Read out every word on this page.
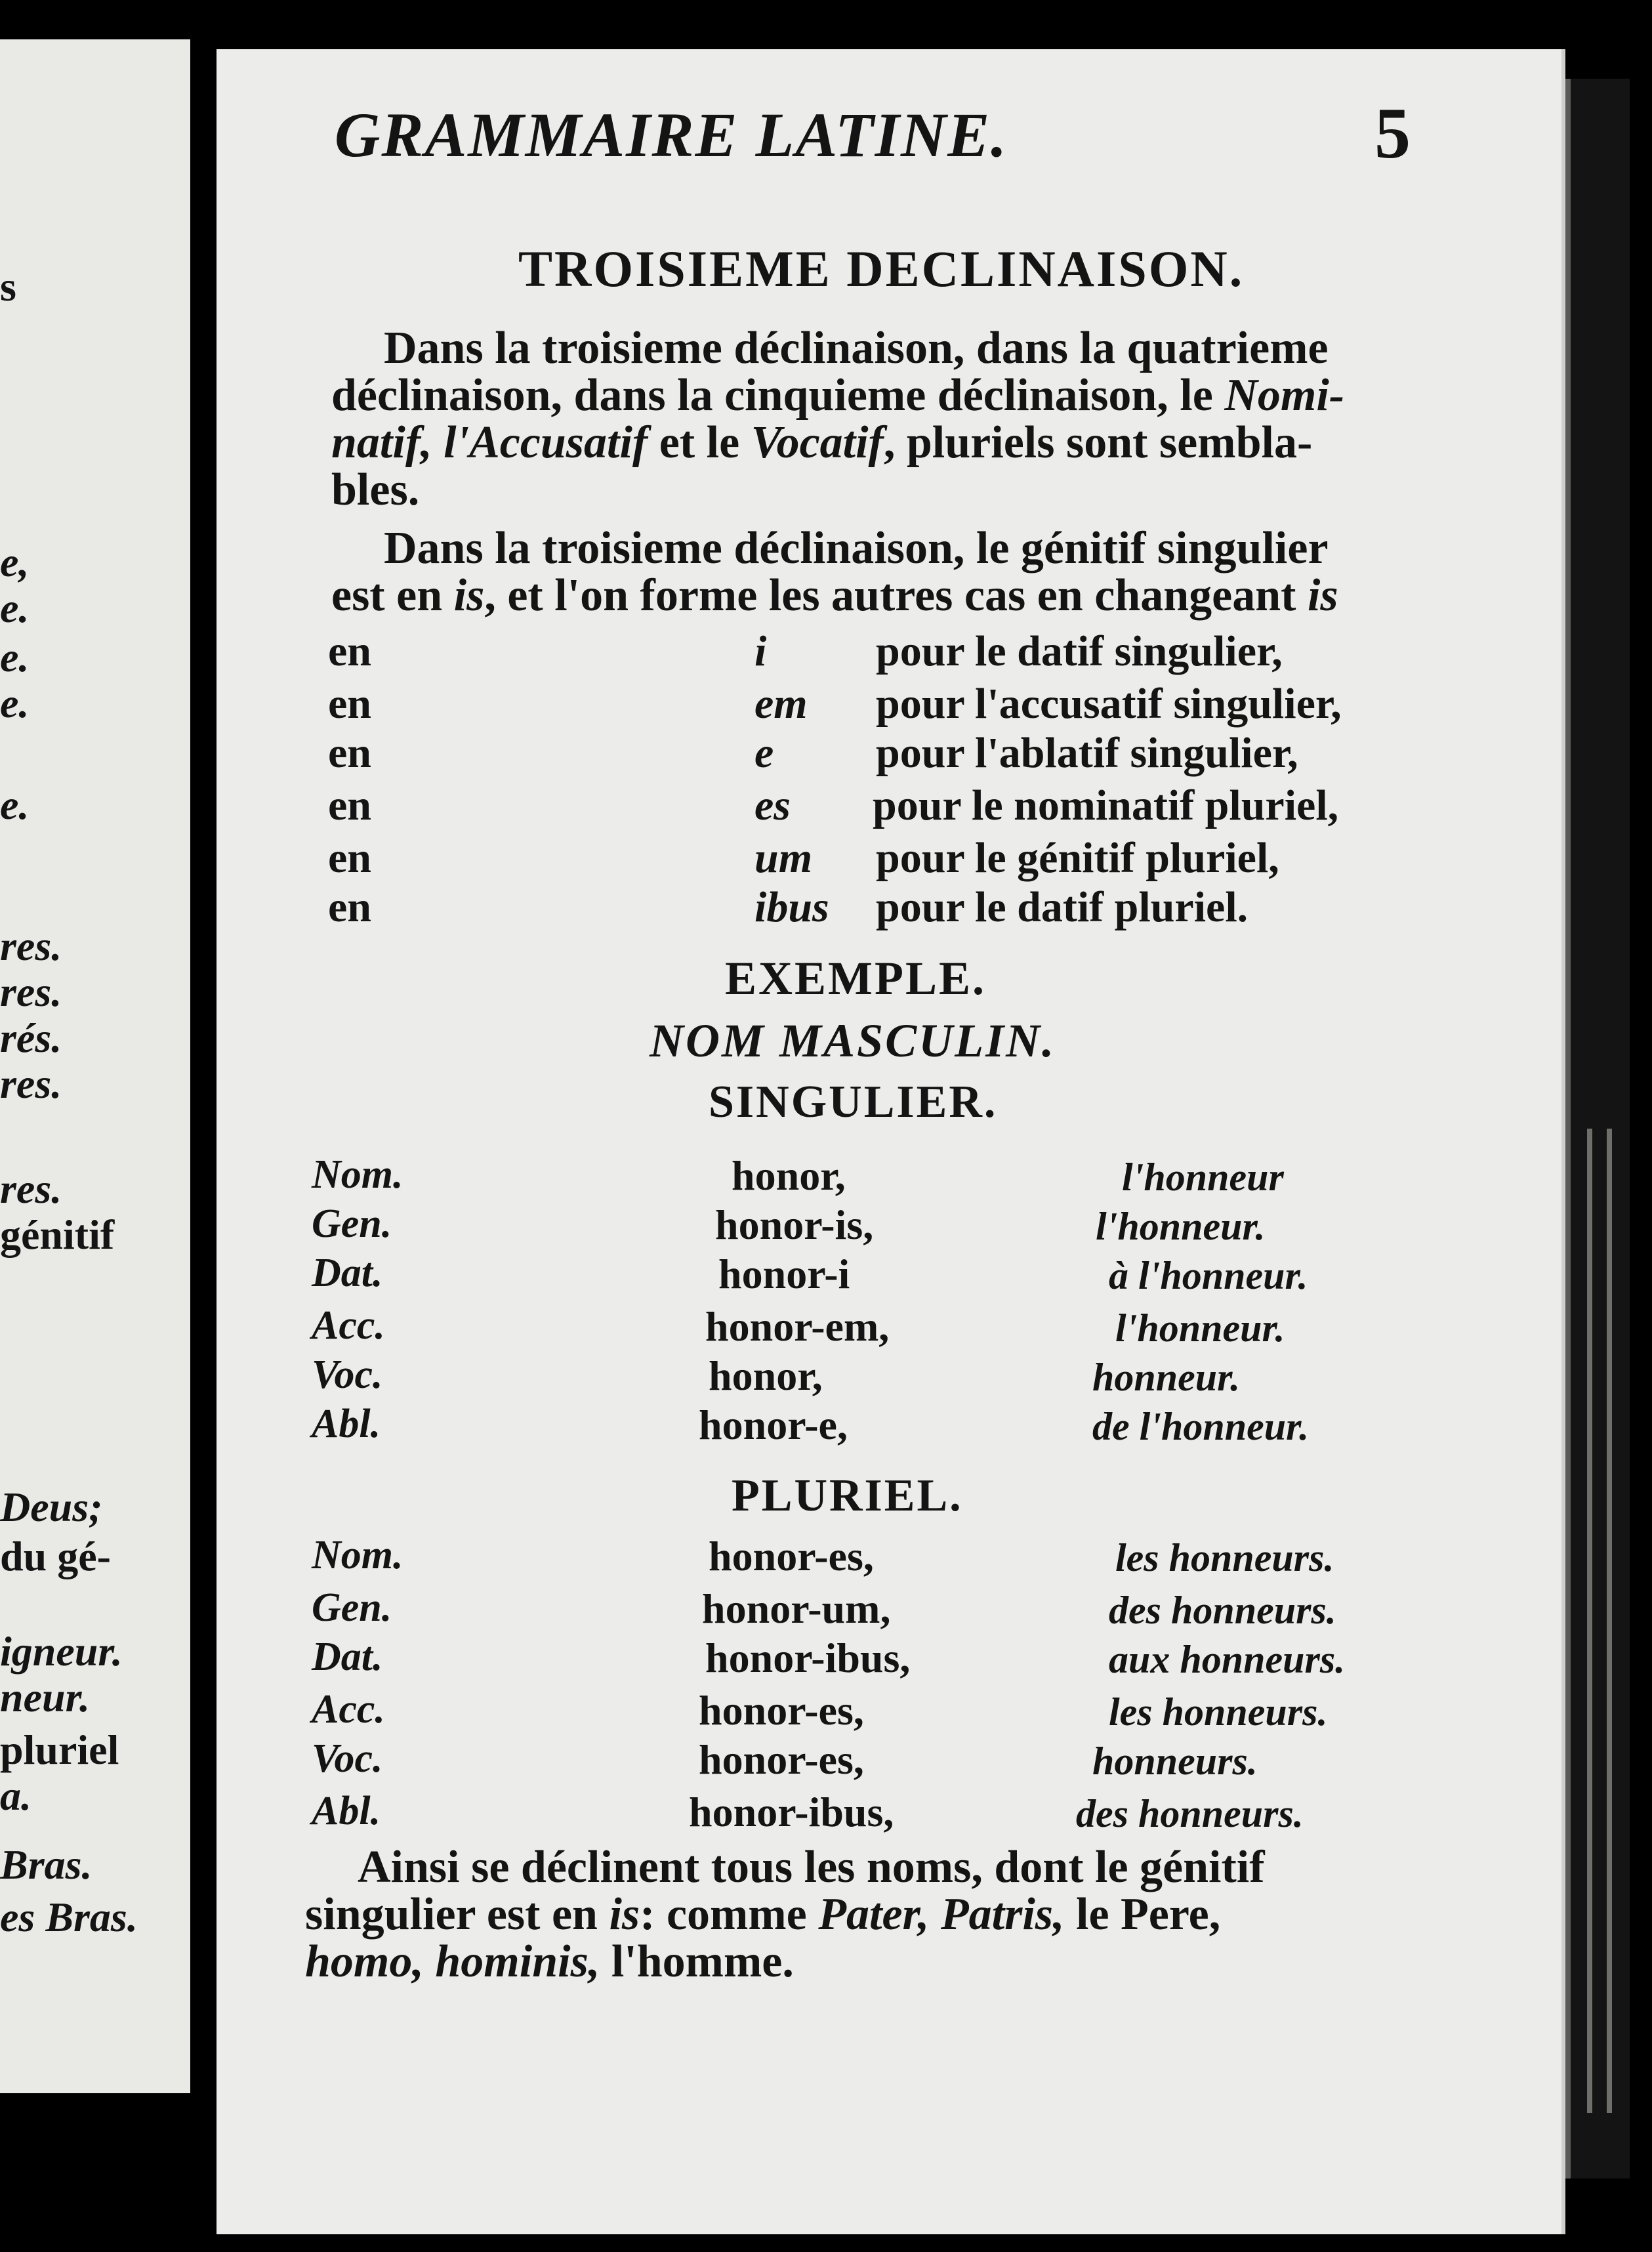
s
e,
e.
e.
e.
e.
res.
res.
rés.
res.
res.
génitif
Deus;
du gé-
igneur.
neur.
pluriel
a.
Bras.
es Bras.
GRAMMAIRE LATINE.	5
TROISIEME DECLINAISON.
Dans la troisieme déclinaison, dans la quatrieme
déclinaison, dans la cinquieme déclinaison, le Nomi-
natif, l'Accusatif et le Vocatif, pluriels sont sembla-
bles.
Dans la troisieme déclinaison, le génitif singulier
est en is, et l'on forme les autres cas en changeant is
en	i	pour le datif singulier,
en	em pour l'accusatif singulier,
en	e pour l'ablatif singulier,
en	es pour le nominatif pluriel,
en	um pour le génitif pluriel,
en	ibus pour le datif pluriel.
EXEMPLE.
NOM MASCULIN.
SINGULIER.
Nom.	honor,	l'honneur
Gen.	honor-is,	l'honneur.
Dat.	honor-i	à l'honneur.
Acc.	honor-em,	l'honneur.
Voc.	honor,	honneur.
Abl.	honor-e,	de l'honneur.
PLURIEL.
Nom.	honor-es,	les honneurs.
Gen.	honor-um,	des honneurs.
Dat.	honor-ibus,	aux honneurs.
Acc.	honor-es,	les honneurs.
Voc.	honor-es,	honneurs.
Abl.	honor-ibus,	des honneurs.
Ainsi se déclinent tous les noms, dont le génitif
singulier est en is: comme Pater, Patris, le Pere,
homo, hominis, l'homme.
